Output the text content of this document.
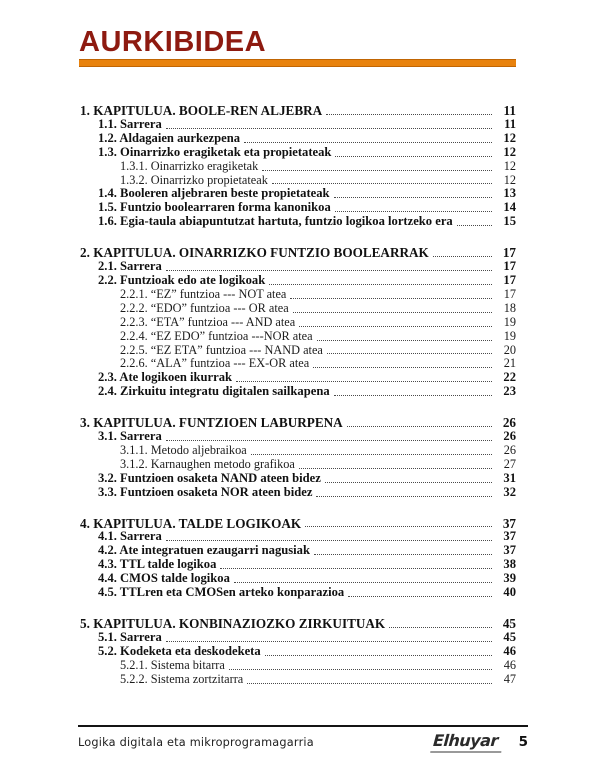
AURKIBIDEA
1. KAPITULUA. BOOLE-REN ALJEBRA	11
1.1. Sarrera	11
1.2. Aldagaien aurkezpena	12
1.3. Oinarrizko eragiketak eta propietateak	12
1.3.1. Oinarrizko eragiketak	12
1.3.2. Oinarrizko propietateak	12
1.4. Booleren aljebraren beste propietateak	13
1.5. Funtzio boolearraren forma kanonikoa	14
1.6. Egia-taula abiapuntutzat hartuta, funtzio logikoa lortzeko era	15
2. KAPITULUA. OINARRIZKO FUNTZIO BOOLEARRAK	17
2.1. Sarrera	17
2.2. Funtzioak edo ate logikoak	17
2.2.1. “EZ” funtzioa --- NOT atea	17
2.2.2. “EDO” funtzioa --- OR atea	18
2.2.3. “ETA” funtzioa --- AND atea	19
2.2.4. “EZ EDO” funtzioa ---NOR atea	19
2.2.5. “EZ ETA” funtzioa --- NAND atea	20
2.2.6. “ALA” funtzioa --- EX-OR atea	21
2.3. Ate logikoen ikurrak	22
2.4. Zirkuitu integratu digitalen sailkapena	23
3. KAPITULUA. FUNTZIOEN LABURPENA	26
3.1. Sarrera	26
3.1.1. Metodo aljebraikoa	26
3.1.2. Karnaughen metodo grafikoa	27
3.2. Funtzioen osaketa NAND ateen bidez	31
3.3. Funtzioen osaketa NOR ateen bidez	32
4. KAPITULUA. TALDE LOGIKOAK	37
4.1. Sarrera	37
4.2. Ate integratuen ezaugarri nagusiak	37
4.3. TTL talde logikoa	38
4.4. CMOS talde logikoa	39
4.5. TTLren eta CMOSen arteko konparazioa	40
5. KAPITULUA. KONBINAZIOZKO ZIRKUITUAK	45
5.1. Sarrera	45
5.2. Kodeketa eta deskodeketa	46
5.2.1. Sistema bitarra	46
5.2.2. Sistema zortzitarra	47
Logika digitala eta mikroprogramagarria	Elhuyar 5
